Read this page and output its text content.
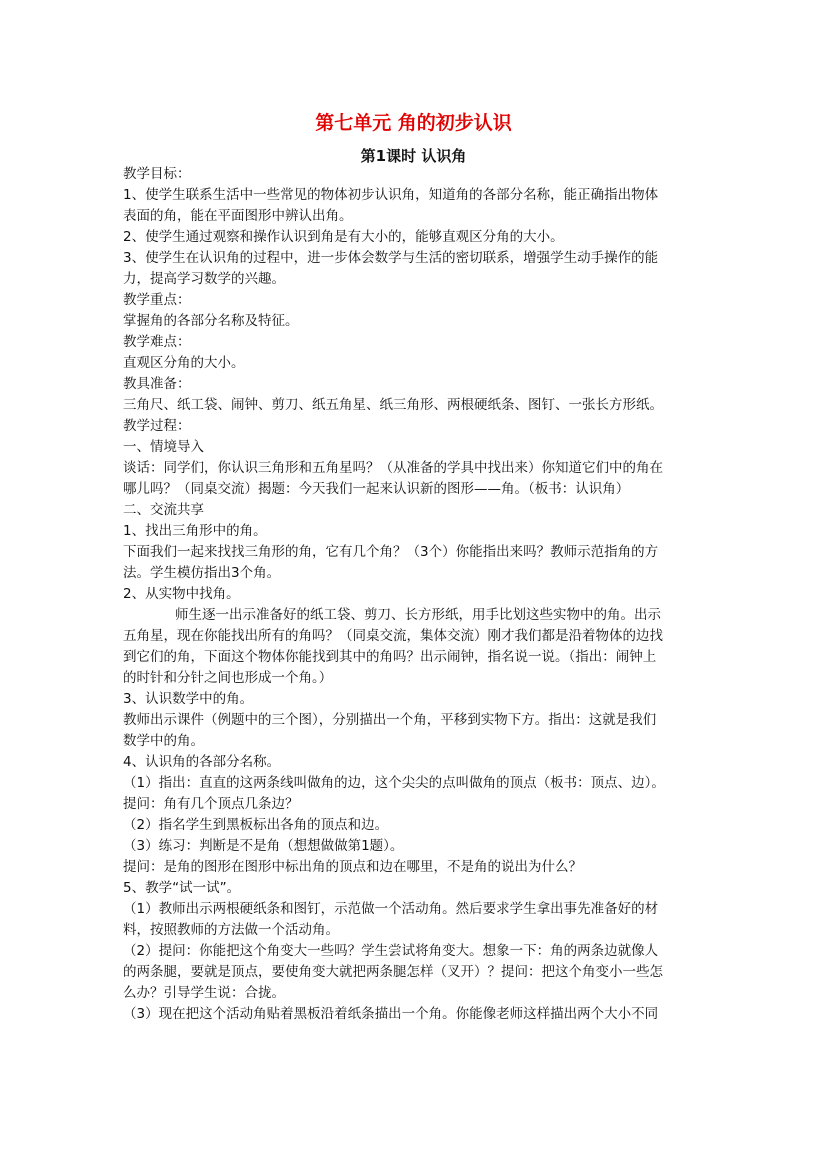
第七单元 角的初步认识
第1课时 认识角

教学目标：

1、使学生联系生活中一些常见的物体初步认识角，知道角的各部分名称，能正确指出物体

表面的角，能在平面图形中辨认出角。

2、使学生通过观察和操作认识到角是有大小的，能够直观区分角的大小。

3、使学生在认识角的过程中，进一步体会数学与生活的密切联系，增强学生动手操作的能

力，提高学习数学的兴趣。

教学重点：

掌握角的各部分名称及特征。

教学难点：

直观区分角的大小。

教具准备：

三角尺、纸工袋、闹钟、剪刀、纸五角星、纸三角形、两根硬纸条、图钉、一张长方形纸。

教学过程：

一、情境导入

谈话：同学们，你认识三角形和五角星吗？（从准备的学具中找出来）你知道它们中的角在

哪儿吗？（同桌交流）揭题：今天我们一起来认识新的图形——角。（板书：认识角）

二、交流共享

1、找出三角形中的角。

下面我们一起来找找三角形的角，它有几个角？（3个）你能指出来吗？教师示范指角的方

法。学生模仿指出3个角。

2、从实物中找角。

师生逐一出示准备好的纸工袋、剪刀、长方形纸，用手比划这些实物中的角。出示

五角星，现在你能找出所有的角吗？（同桌交流，集体交流）刚才我们都是沿着物体的边找

到它们的角，下面这个物体你能找到其中的角吗？出示闹钟，指名说一说。（指出：闹钟上

的时针和分针之间也形成一个角。）

3、认识数学中的角。

教师出示课件（例题中的三个图），分别描出一个角，平移到实物下方。指出：这就是我们

数学中的角。

4、认识角的各部分名称。

（1）指出：直直的这两条线叫做角的边，这个尖尖的点叫做角的顶点（板书：顶点、边）。

提问：角有几个顶点几条边？

（2）指名学生到黑板标出各角的顶点和边。

（3）练习：判断是不是角（想想做做第1题）。

提问：是角的图形在图形中标出角的顶点和边在哪里，不是角的说出为什么？

5、教学“试一试”。

（1）教师出示两根硬纸条和图钉，示范做一个活动角。然后要求学生拿出事先准备好的材

料，按照教师的方法做一个活动角。

（2）提问：你能把这个角变大一些吗？学生尝试将角变大。想象一下：角的两条边就像人

的两条腿，要就是顶点，要使角变大就把两条腿怎样（叉开）？提问：把这个角变小一些怎

么办？引导学生说：合拢。

（3）现在把这个活动角贴着黑板沿着纸条描出一个角。你能像老师这样描出两个大小不同
